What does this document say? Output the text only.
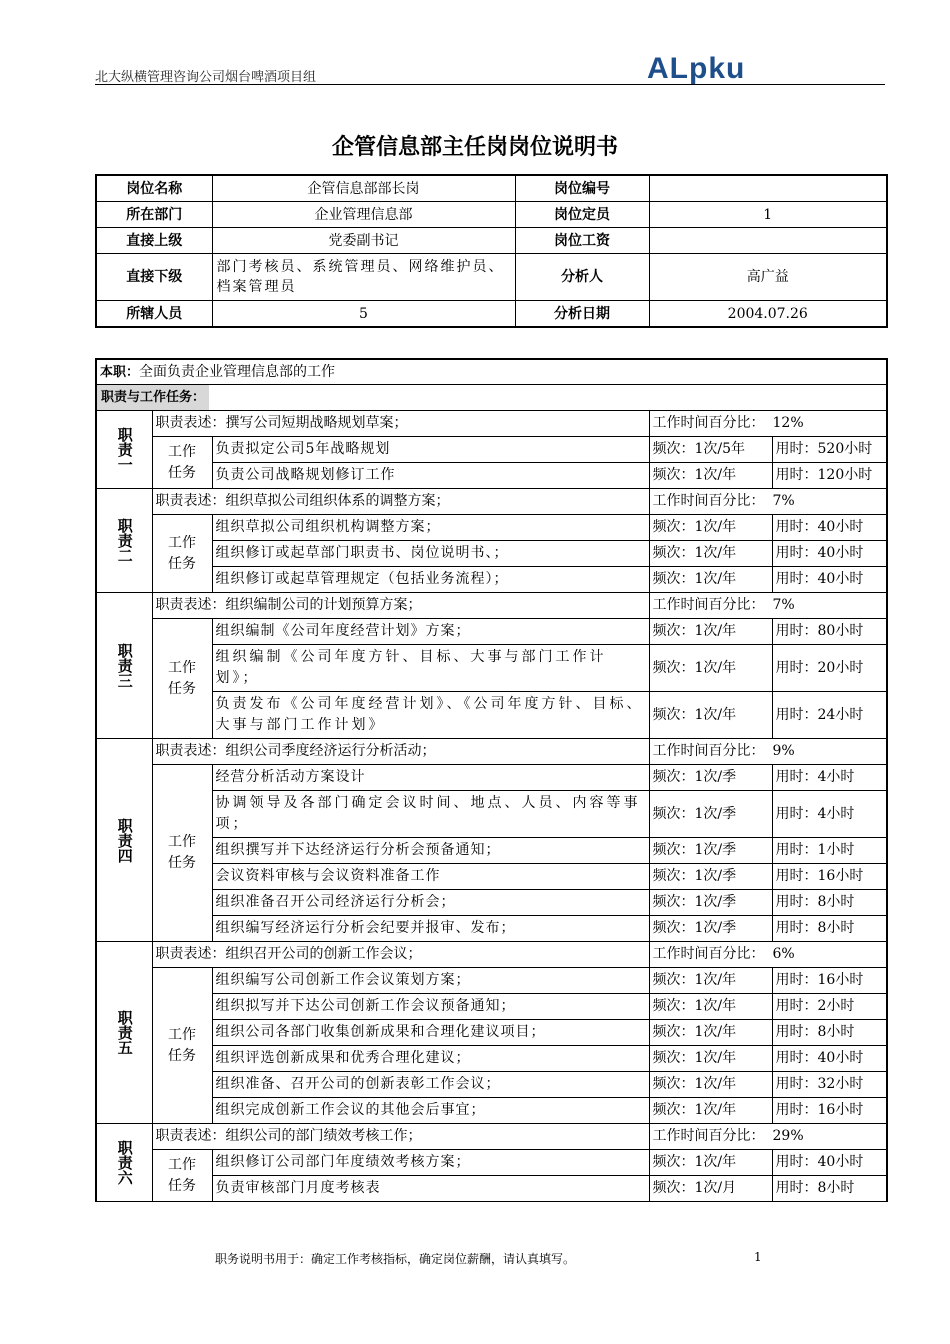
北大纵横管理咨询公司烟台啤酒项目组	ALpku
企管信息部主任岗岗位说明书
岗位名称	企管信息部部长岗	岗位编号	
所在部门	企业管理信息部	岗位定员	1
直接上级	党委副书记	岗位工资	
直接下级	部门考核员、系统管理员、网络维护员、档案管理员	分析人	高广益
所辖人员	5	分析日期	2004.07.26
本职：全面负责企业管理信息部的工作				
职责与工作任务：				

职责一	职责表述：撰写公司短期战略规划草案；		工作时间百分比： 12%	
	工作任务	负责拟定公司5年战略规划	频次：1次/5年	用时：520小时
		负责公司战略规划修订工作	频次：1次/年	用时：120小时

职责二	职责表述：组织草拟公司组织体系的调整方案；		工作时间百分比： 7%	
	工作任务	组织草拟公司组织机构调整方案；	频次：1次/年	用时：40小时
		组织修订或起草部门职责书、岗位说明书、；	频次：1次/年	用时：40小时
		组织修订或起草管理规定（包括业务流程）；	频次：1次/年	用时：40小时

职责三	职责表述：组织编制公司的计划预算方案；		工作时间百分比： 7%	
	工作任务	组织编制《公司年度经营计划》方案；	频次：1次/年	用时：80小时
		组织编制《公司年度方针、目标、大事与部门工作计划》；	频次：1次/年	用时：20小时
		负责发布《公司年度经营计划》、《公司年度方针、目标、大事与部门工作计划》	频次：1次/年	用时：24小时

职责四	职责表述：组织公司季度经济运行分析活动；		工作时间百分比： 9%	
	工作任务	经营分析活动方案设计	频次：1次/季	用时：4小时
		协调领导及各部门确定会议时间、地点、人员、内容等事项；	频次：1次/季	用时：4小时
		组织撰写并下达经济运行分析会预备通知；	频次：1次/季	用时：1小时
		会议资料审核与会议资料准备工作	频次：1次/季	用时：16小时
		组织准备召开公司经济运行分析会；	频次：1次/季	用时：8小时
		组织编写经济运行分析会纪要并报审、发布；	频次：1次/季	用时：8小时

职责五	职责表述：组织召开公司的创新工作会议；		工作时间百分比： 6%	
	工作任务	组织编写公司创新工作会议策划方案；	频次：1次/年	用时：16小时
		组织拟写并下达公司创新工作会议预备通知；	频次：1次/年	用时：2小时
		组织公司各部门收集创新成果和合理化建议项目；	频次：1次/年	用时：8小时
		组织评选创新成果和优秀合理化建议；	频次：1次/年	用时：40小时
		组织准备、召开公司的创新表彰工作会议；	频次：1次/年	用时：32小时
		组织完成创新工作会议的其他会后事宜；	频次：1次/年	用时：16小时

职责六	职责表述：组织公司的部门绩效考核工作；		工作时间百分比： 29%	
	工作任务	组织修订公司部门年度绩效考核方案；	频次：1次/年	用时：40小时
		负责审核部门月度考核表	频次：1次/月	用时：8小时
职务说明书用于：确定工作考核指标，确定岗位薪酬，请认真填写。	1
